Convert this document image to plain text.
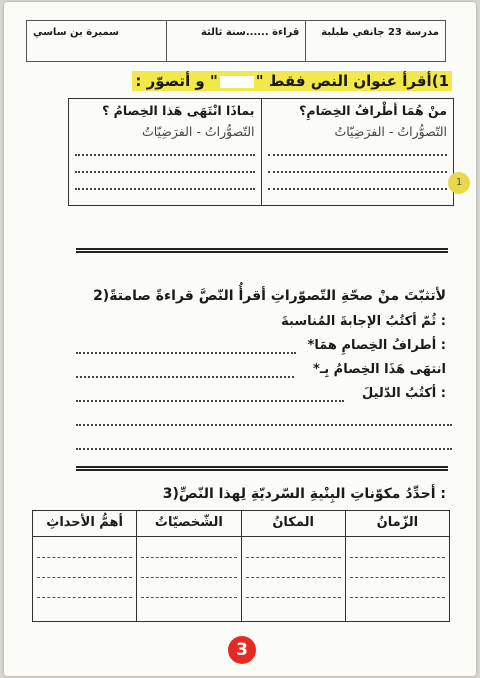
مدرسة 23 جانفي طبلبة
قراءة ......سنة ثالثة
سميرة بن ساسي
1)أقرأ عنوان النص فقط "" و أتصوّر :
منْ هُمَا أطْرافُ الخِصَامِ؟
التّصوُّراتُ - الفرَضِيّاتُ
بماذَا انْتَهَى هَذا الخِصامُ ؟
التّصوُّراتُ - الفرَضِيّاتُ
1
2)لأتثبّتَ منْ صحّةِ التّصوّراتِ أقرأُ النّصَّ قراءةً صامتةً
ثُمّ أكتُبُ الإجابةَ المُناسبةَ :
*أطرافُ الخِصامِ همَا :
*انتهَى هَذَا الخِصامُ بِـ
أكتُبُ الدّليلَ :
3)أحدِّدُ مكوّناتِ البِنْيةِ السّرديّةِ لِهذا النّصِّ :
الزّمانُ
المكانُ
الشّخصيّاتُ
أهمُّ الأحداثِ
3
